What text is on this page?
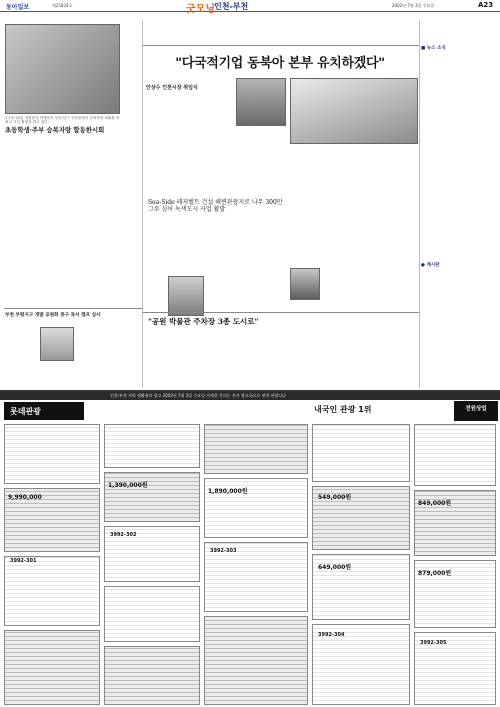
동아일보	제25824호	굿모닝 인천-부천	2002년 7월 3일 수요일	A23
"다국적기업 동북아 본부 유치하겠다"
7-1동·25통 자원봉사 학생들이 인천 남구 주안동에서 승복자랑 대회를 마치고 기념 촬영을 하고 있다.
안상수 인천시장 취임식
초등학생·주부 승복자랑 합동한시회
Sea-Side 레저벨트 건설 해변관광지로 나무 300만그루 심어 녹색도시 사업 활발
부천 부평지구 개발 공원화 중구 독서 캠프 심사
"공원 박물관 주차장 3종 도시로"
■ 뉴스 소식
● 계시판
인천·부천 지역 생활정보 광고 2002년 7월 3일 수요일 자세한 문의는 본사 광고국으로 연락 바랍니다
롯데관광	내국인 관광 1위	전원상업
9,990,000
1,390,000원
1,890,000원
549,000원
649,000원
849,000원
879,000원
3992-301
3992-302
3992-303
3992-304
3992-305
